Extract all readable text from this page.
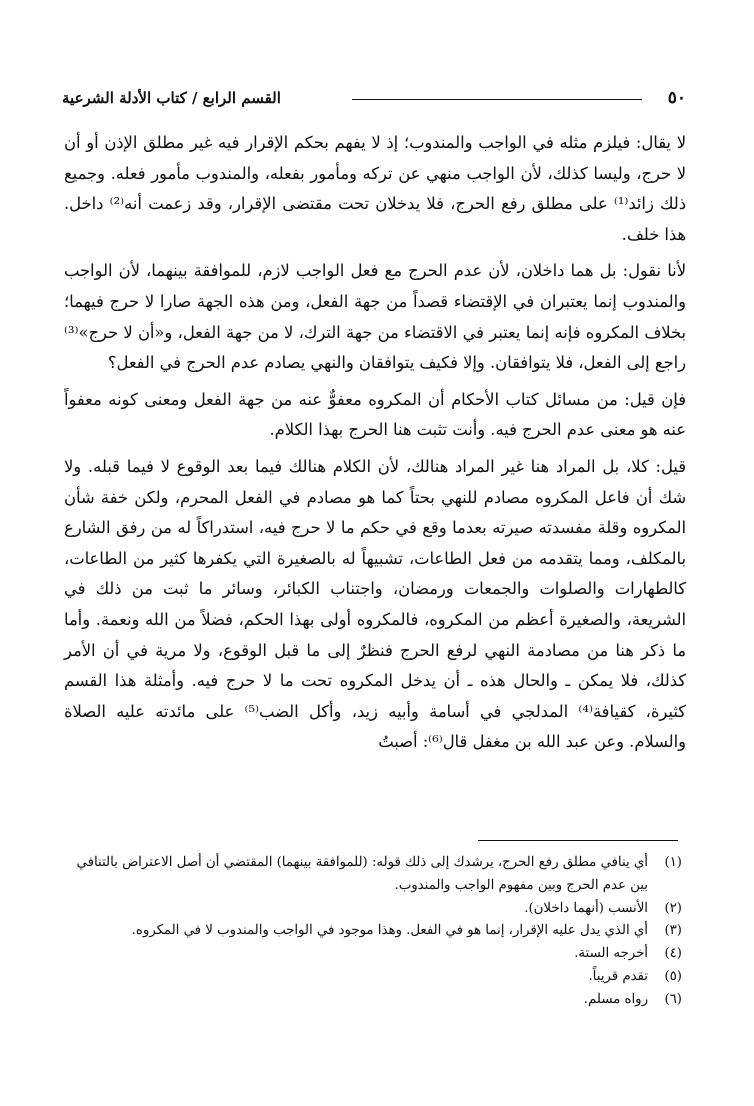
٥٠
القسم الرابع / كتاب الأدلة الشرعية

لا يقال: فيلزم مثله في الواجب والمندوب؛ إذ لا يفهم بحكم الإقرار فيه غير مطلق الإذن أو أن لا حرج، وليسا كذلك، لأن الواجب منهي عن تركه ومأمور بفعله، والمندوب مأمور فعله. وجميع ذلك زائد⁽¹⁾ على مطلق رفع الحرج، فلا يدخلان تحت مقتضى الإقرار، وقد زعمت أنه⁽²⁾ داخل. هذا خلف.

لأنا نقول: بل هما داخلان، لأن عدم الحرج مع فعل الواجب لازم، للموافقة بينهما، لأن الواجب والمندوب إنما يعتبران في الإقتضاء قصداً من جهة الفعل، ومن هذه الجهة صارا لا حرج فيهما؛ بخلاف المكروه فإنه إنما يعتبر في الاقتضاء من جهة الترك، لا من جهة الفعل، و«أن لا حرج»⁽³⁾ راجع إلى الفعل، فلا يتوافقان. وإلا فكيف يتوافقان والنهي يصادم عدم الحرج في الفعل؟

فإن قيل: من مسائل كتاب الأحكام أن المكروه معفوٌّ عنه من جهة الفعل ومعنى كونه معفواً عنه هو معنى عدم الحرج فيه. وأنت تثبت هنا الحرج بهذا الكلام.

قيل: كلا، بل المراد هنا غير المراد هنالك، لأن الكلام هنالك فيما بعد الوقوع لا فيما قبله. ولا شك أن فاعل المكروه مصادم للنهي بحتاً كما هو مصادم في الفعل المحرم، ولكن خفة شأن المكروه وقلة مفسدته صيرته بعدما وقع في حكم ما لا حرج فيه، استدراكاً له من رفق الشارع بالمكلف، ومما يتقدمه من فعل الطاعات، تشبيهاً له بالصغيرة التي يكفرها كثير من الطاعات، كالطهارات والصلوات والجمعات ورمضان، واجتناب الكبائر، وسائر ما ثبت من ذلك في الشريعة، والصغيرة أعظم من المكروه، فالمكروه أولى بهذا الحكم، فضلاً من الله ونعمة. وأما ما ذكر هنا من مصادمة النهي لرفع الحرج فنظرٌ إلى ما قبل الوقوع، ولا مرية في أن الأمر كذلك، فلا يمكن ـ والحال هذه ـ أن يدخل المكروه تحت ما لا حرج فيه. وأمثلة هذا القسم كثيرة، كقيافة⁽⁴⁾ المدلجي في أسامة وأبيه زيد، وأكل الضب⁽⁵⁾ على مائدته عليه الصلاة والسلام. وعن عبد الله بن مغفل قال⁽⁶⁾: أصبتُ

(١)
أي ينافي مطلق رفع الحرج، يرشدك إلى ذلك قوله: (للموافقة بينهما) المقتضي أن أصل الاعتراض بالتنافي بين عدم الحرج وبين مفهوم الواجب والمندوب.

(٢)
الأنسب (أنهما داخلان).

(٣)
أي الذي يدل عليه الإقرار، إنما هو في الفعل. وهذا موجود في الواجب والمندوب لا في المكروه.

(٤)
أخرجه الستة.

(٥)
تقدم قريباً.

(٦)
رواه مسلم.
